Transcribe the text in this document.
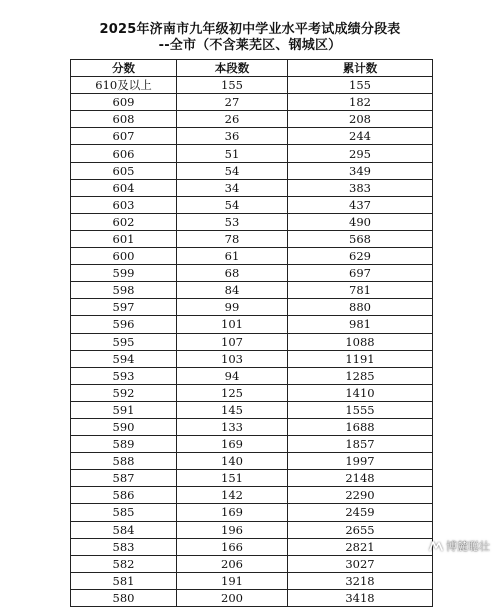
2025年济南市九年级初中学业水平考试成绩分段表
--全市（不含莱芜区、钢城区）
分数	本段数	累计数
610及以上	155	155
609	27	182
608	26	208
607	36	244
606	51	295
605	54	349
604	34	383
603	54	437
602	53	490
601	78	568
600	61	629
599	68	697
598	84	781
597	99	880
596	101	981
595	107	1088
594	103	1191
593	94	1285
592	125	1410
591	145	1555
590	133	1688
589	169	1857
588	140	1997
587	151	2148
586	142	2290
585	169	2459
584	196	2655
583	166	2821
582	206	3027
581	191	3218
580	200	3418
博麓聪壮
